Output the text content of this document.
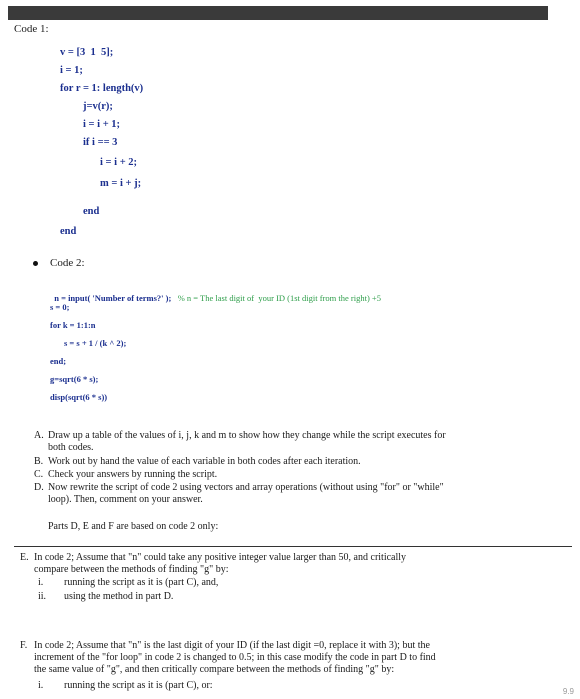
Code 1:
v = [3  1  5];
i = 1;
for r = 1: length(v)
j=v(r);
i = i + 1;
if i == 3
i = i + 2;
m = i + j;
end
end
Code 2:

n = input( 'Number of terms?' ); % n = The last digit of  your ID (1st digit from the right) +5

s = 0;
for k = 1:1:n
s = s + 1 / (k ^ 2);
end;
g=sqrt(6 * s);
disp(sqrt(6 * s))
A. Draw up a table of the values of i, j, k and m to show how they change while the script executes for
both codes.
B. Work out by hand the value of each variable in both codes after each iteration.
C. Check your answers by running the script.
D. Now rewrite the script of code 2 using vectors and array operations (without using "for" or "while"
loop). Then, comment on your answer.
Parts D, E and F are based on code 2 only:
E. In code 2; Assume that "n" could take any positive integer value larger than 50, and critically
compare between the methods of finding "g" by:
i. running the script as it is (part C), and,
ii. using the method in part D.
F. In code 2; Assume that "n" is the last digit of your ID (if the last digit =0, replace it with 3); but the
increment of the "for loop" in code 2 is changed to 0.5; in this case modify the code in part D to find
the same value of "g", and then critically compare between the methods of finding "g" by:
i. running the script as it is (part C), or:
9.9
